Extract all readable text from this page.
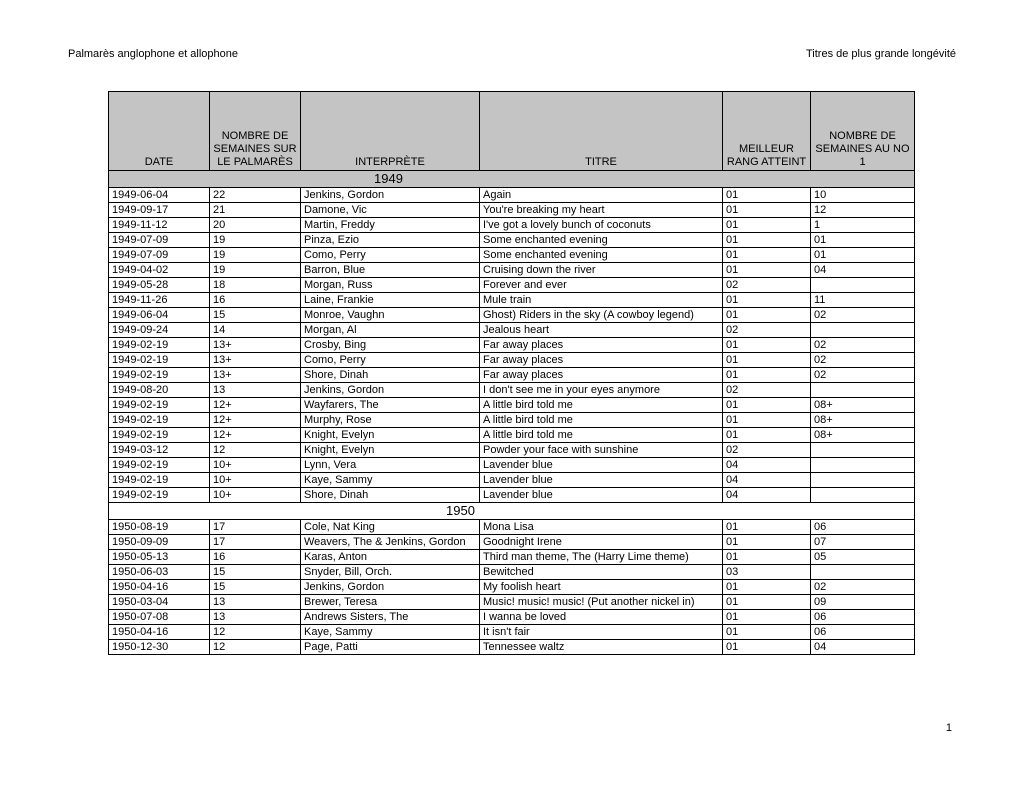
Palmarès anglophone et allophone	Titres de plus grande longévité
DATE	NOMBRE DE SEMAINES SUR LE PALMARÈS	INTERPRÈTE	TITRE	MEILLEUR RANG ATTEINT	NOMBRE DE SEMAINES AU NO 1
1949					
1949-06-04	22	Jenkins, Gordon	Again	01	10
1949-09-17	21	Damone, Vic	You're breaking my heart	01	12
1949-11-12	20	Martin, Freddy	I've got a lovely bunch of coconuts	01	1
1949-07-09	19	Pinza, Ezio	Some enchanted evening	01	01
1949-07-09	19	Como, Perry	Some enchanted evening	01	01
1949-04-02	19	Barron, Blue	Cruising down the river	01	04
1949-05-28	18	Morgan, Russ	Forever and ever	02	
1949-11-26	16	Laine, Frankie	Mule train	01	11
1949-06-04	15	Monroe, Vaughn	Ghost) Riders in the sky (A cowboy legend)	01	02
1949-09-24	14	Morgan, Al	Jealous heart	02	
1949-02-19	13+	Crosby, Bing	Far away places	01	02
1949-02-19	13+	Como, Perry	Far away places	01	02
1949-02-19	13+	Shore, Dinah	Far away places	01	02
1949-08-20	13	Jenkins, Gordon	I don't see me in your eyes anymore	02	
1949-02-19	12+	Wayfarers, The	A little bird told me	01	08+
1949-02-19	12+	Murphy, Rose	A little bird told me	01	08+
1949-02-19	12+	Knight, Evelyn	A little bird told me	01	08+
1949-03-12	12	Knight, Evelyn	Powder your face with sunshine	02	
1949-02-19	10+	Lynn, Vera	Lavender blue	04	
1949-02-19	10+	Kaye, Sammy	Lavender blue	04	
1949-02-19	10+	Shore, Dinah	Lavender blue	04	
1950					
1950-08-19	17	Cole, Nat King	Mona Lisa	01	06
1950-09-09	17	Weavers, The & Jenkins, Gordon	Goodnight Irene	01	07
1950-05-13	16	Karas, Anton	Third man theme, The (Harry Lime theme)	01	05
1950-06-03	15	Snyder, Bill, Orch.	Bewitched	03	
1950-04-16	15	Jenkins, Gordon	My foolish heart	01	02
1950-03-04	13	Brewer, Teresa	Music! music! music! (Put another nickel in)	01	09
1950-07-08	13	Andrews Sisters, The	I wanna be loved	01	06
1950-04-16	12	Kaye, Sammy	It isn't fair	01	06
1950-12-30	12	Page, Patti	Tennessee waltz	01	04
1
